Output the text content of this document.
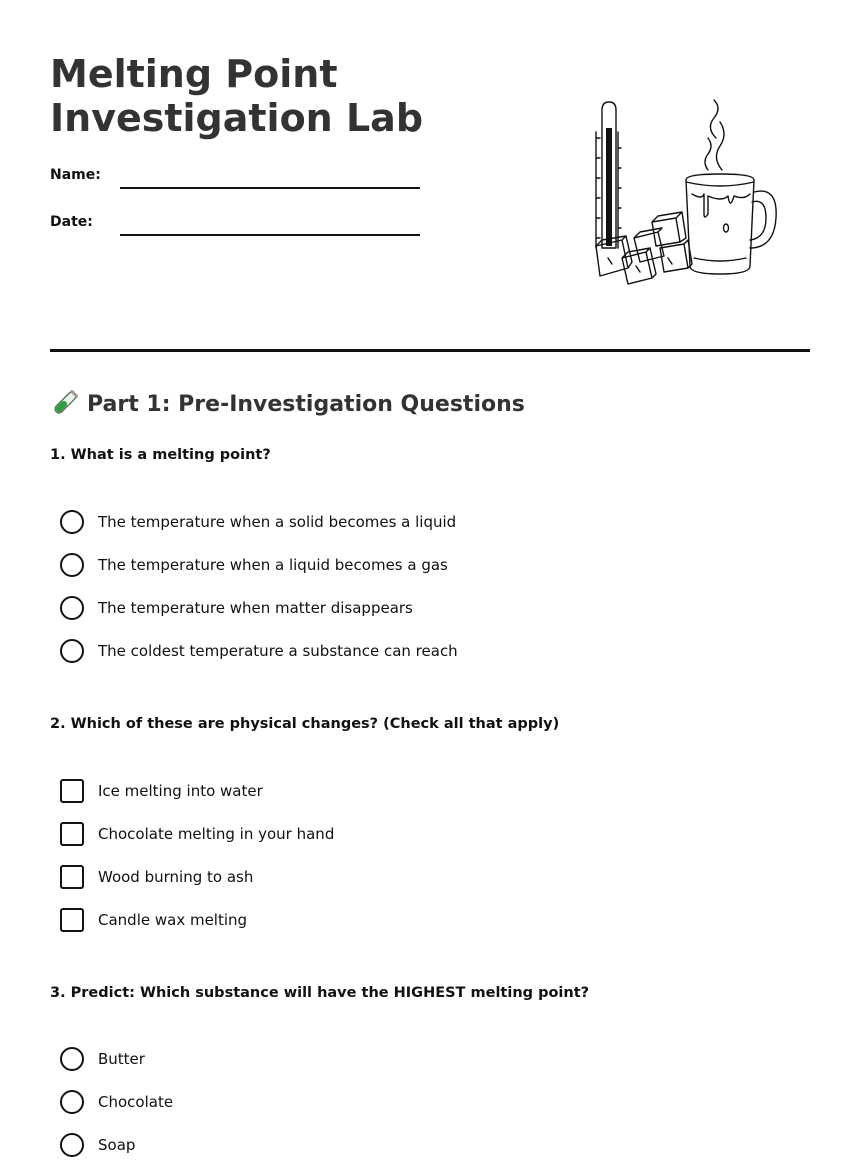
Melting Point
Investigation Lab
Name:
Date:
Part 1: Pre-Investigation Questions

1. What is a melting point?

The temperature when a solid becomes a liquid
The temperature when a liquid becomes a gas
The temperature when matter disappears
The coldest temperature a substance can reach

2. Which of these are physical changes? (Check all that apply)

Ice melting into water
Chocolate melting in your hand
Wood burning to ash
Candle wax melting

3. Predict: Which substance will have the HIGHEST melting point?

Butter
Chocolate
Soap
